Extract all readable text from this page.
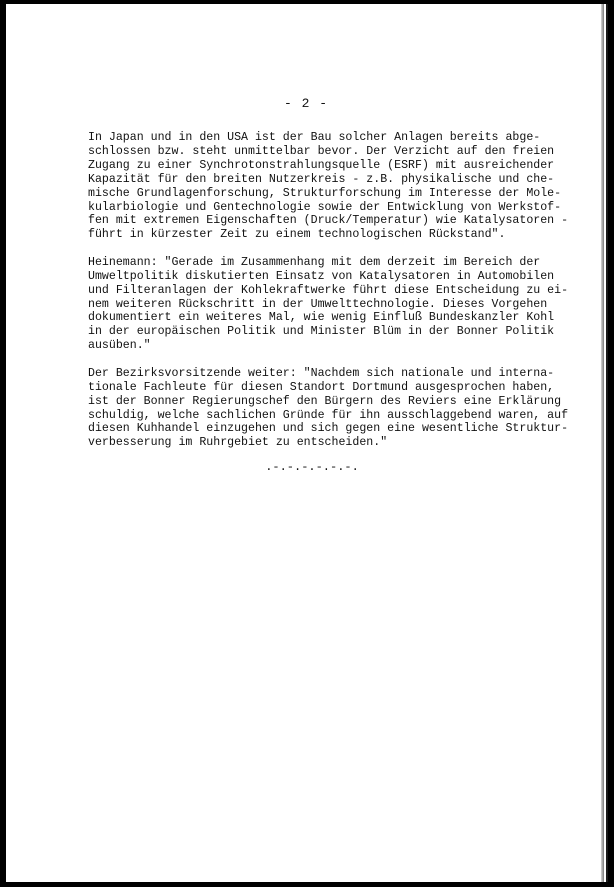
- 2 -

In Japan und in den USA ist der Bau solcher Anlagen bereits abge-
schlossen bzw. steht unmittelbar bevor. Der Verzicht auf den freien
Zugang zu einer Synchrotonstrahlungsquelle (ESRF) mit ausreichender
Kapazität für den breiten Nutzerkreis - z.B. physikalische und che-
mische Grundlagenforschung, Strukturforschung im Interesse der Mole-
kularbiologie und Gentechnologie sowie der Entwicklung von Werkstof-
fen mit extremen Eigenschaften (Druck/Temperatur) wie Katalysatoren -
führt in kürzester Zeit zu einem technologischen Rückstand".

Heinemann: "Gerade im Zusammenhang mit dem derzeit im Bereich der
Umweltpolitik diskutierten Einsatz von Katalysatoren in Automobilen
und Filteranlagen der Kohlekraftwerke führt diese Entscheidung zu ei-
nem weiteren Rückschritt in der Umwelttechnologie. Dieses Vorgehen
dokumentiert ein weiteres Mal, wie wenig Einfluß Bundeskanzler Kohl
in der europäischen Politik und Minister Blüm in der Bonner Politik
ausüben."

Der Bezirksvorsitzende weiter: "Nachdem sich nationale und interna-
tionale Fachleute für diesen Standort Dortmund ausgesprochen haben,
ist der Bonner Regierungschef den Bürgern des Reviers eine Erklärung
schuldig, welche sachlichen Gründe für ihn ausschlaggebend waren, auf
diesen Kuhhandel einzugehen und sich gegen eine wesentliche Struktur-
verbesserung im Ruhrgebiet zu entscheiden."

.-.-.-.-.-.-.
